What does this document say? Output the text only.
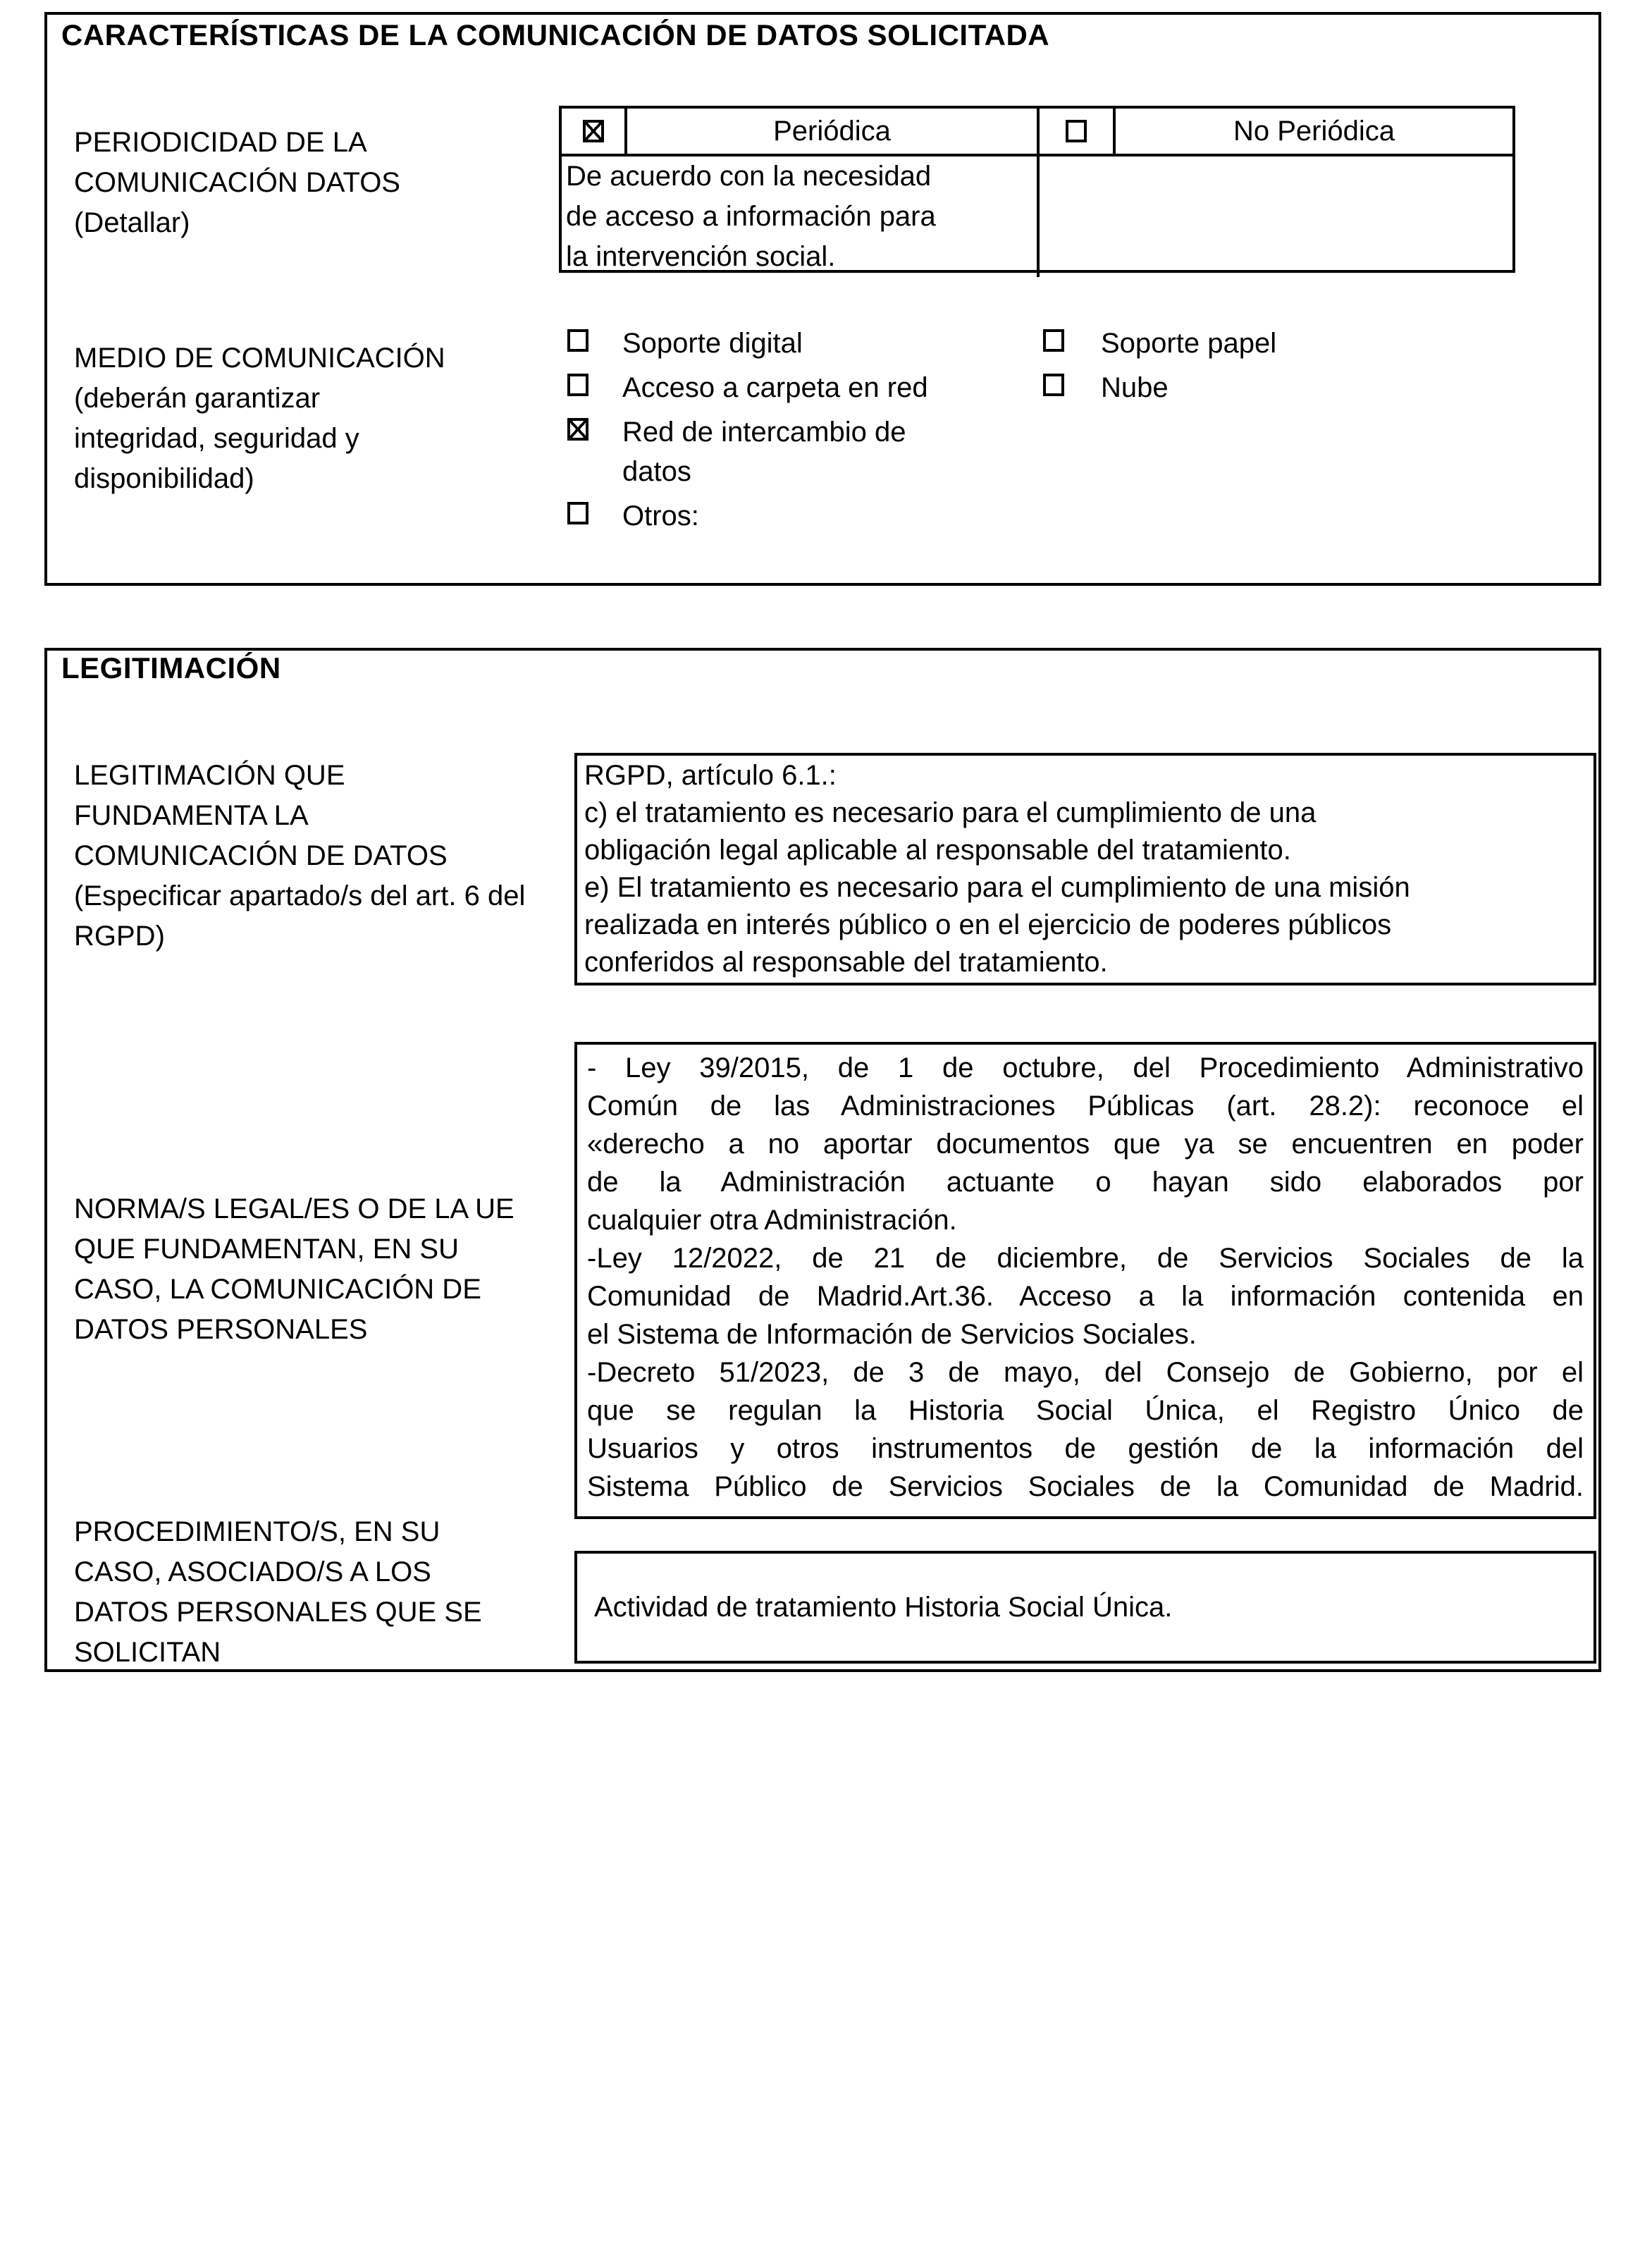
CARACTERÍSTICAS DE LA COMUNICACIÓN DE DATOS SOLICITADA
PERIODICIDAD DE LA
COMUNICACIÓN DATOS
(Detallar)
Periódica	No Periódica
De acuerdo con la necesidad
de acceso a información para
la intervención social.
MEDIO DE COMUNICACIÓN
(deberán garantizar
integridad, seguridad y
disponibilidad)
Soporte digital
Acceso a carpeta en red
Red de intercambio de
datos
Otros:
Soporte papel
Nube
LEGITIMACIÓN
LEGITIMACIÓN QUE
FUNDAMENTA LA
COMUNICACIÓN DE DATOS
(Especificar apartado/s del art. 6 del
RGPD)
RGPD, artículo 6.1.:
c) el tratamiento es necesario para el cumplimiento de una
obligación legal aplicable al responsable del tratamiento.
e) El tratamiento es necesario para el cumplimiento de una misión
realizada en interés público o en el ejercicio de poderes públicos
conferidos al responsable del tratamiento.
NORMA/S LEGAL/ES O DE LA UE
QUE FUNDAMENTAN, EN SU
CASO, LA COMUNICACIÓN DE
DATOS PERSONALES
- Ley 39/2015, de 1 de octubre, del Procedimiento Administrativo
Común de las Administraciones Públicas (art. 28.2): reconoce el
«derecho a no aportar documentos que ya se encuentren en poder
de la Administración actuante o hayan sido elaborados por
cualquier otra Administración.
-Ley 12/2022, de 21 de diciembre, de Servicios Sociales de la
Comunidad de Madrid.Art.36. Acceso a la información contenida en
el Sistema de Información de Servicios Sociales.
-Decreto 51/2023, de 3 de mayo, del Consejo de Gobierno, por el
que se regulan la Historia Social Única, el Registro Único de
Usuarios y otros instrumentos de gestión de la información del
Sistema Público de Servicios Sociales de la Comunidad de Madrid.
PROCEDIMIENTO/S, EN SU
CASO, ASOCIADO/S A LOS
DATOS PERSONALES QUE SE
SOLICITAN
Actividad de tratamiento Historia Social Única.
